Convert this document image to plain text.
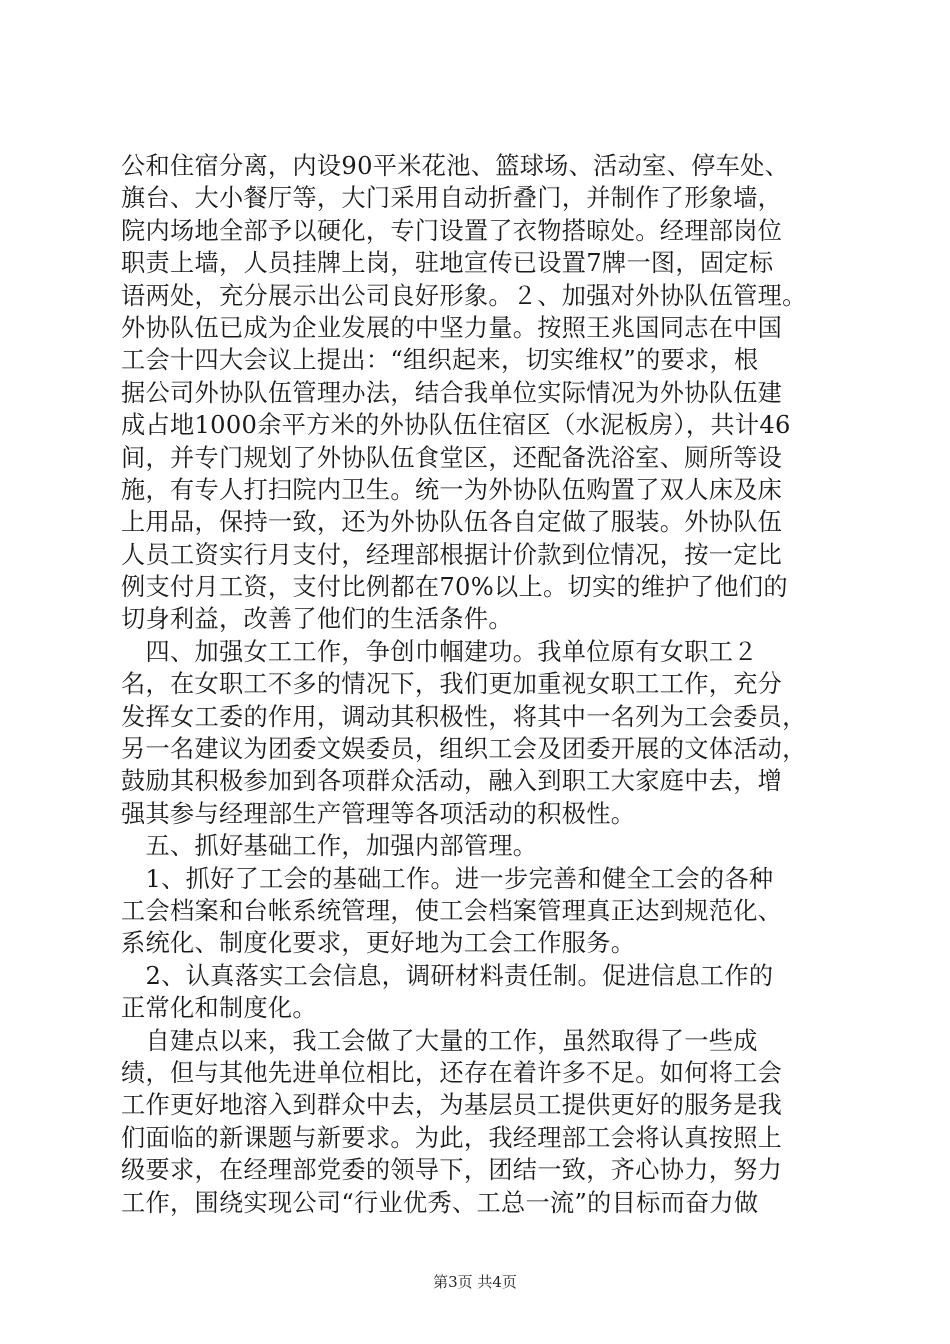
公和住宿分离，内设90平米花池、篮球场、活动室、停车处、
旗台、大小餐厅等，大门采用自动折叠门，并制作了形象墙，
院内场地全部予以硬化，专门设置了衣物搭晾处。经理部岗位
职责上墙，人员挂牌上岗，驻地宣传已设置7牌一图，固定标
语两处，充分展示出公司良好形象。２、加强对外协队伍管理。
外协队伍已成为企业发展的中坚力量。按照王兆国同志在中国
工会十四大会议上提出：“组织起来，切实维权”的要求，根
据公司外协队伍管理办法，结合我单位实际情况为外协队伍建
成占地1000余平方米的外协队伍住宿区（水泥板房），共计46
间，并专门规划了外协队伍食堂区，还配备洗浴室、厕所等设
施，有专人打扫院内卫生。统一为外协队伍购置了双人床及床
上用品，保持一致，还为外协队伍各自定做了服装。外协队伍
人员工资实行月支付，经理部根据计价款到位情况，按一定比
例支付月工资，支付比例都在70%以上。切实的维护了他们的
切身利益，改善了他们的生活条件。
　四、加强女工工作，争创巾帼建功。我单位原有女职工２
名，在女职工不多的情况下，我们更加重视女职工工作，充分
发挥女工委的作用，调动其积极性，将其中一名列为工会委员，
另一名建议为团委文娱委员，组织工会及团委开展的文体活动，
鼓励其积极参加到各项群众活动，融入到职工大家庭中去，增
强其参与经理部生产管理等各项活动的积极性。
　五、抓好基础工作，加强内部管理。
　1、抓好了工会的基础工作。进一步完善和健全工会的各种
工会档案和台帐系统管理，使工会档案管理真正达到规范化、
系统化、制度化要求，更好地为工会工作服务。
　2、认真落实工会信息，调研材料责任制。促进信息工作的
正常化和制度化。
　自建点以来，我工会做了大量的工作，虽然取得了一些成
绩，但与其他先进单位相比，还存在着许多不足。如何将工会
工作更好地溶入到群众中去，为基层员工提供更好的服务是我
们面临的新课题与新要求。为此，我经理部工会将认真按照上
级要求，在经理部党委的领导下，团结一致，齐心协力，努力
工作，围绕实现公司“行业优秀、工总一流”的目标而奋力做
第3页 共4页
